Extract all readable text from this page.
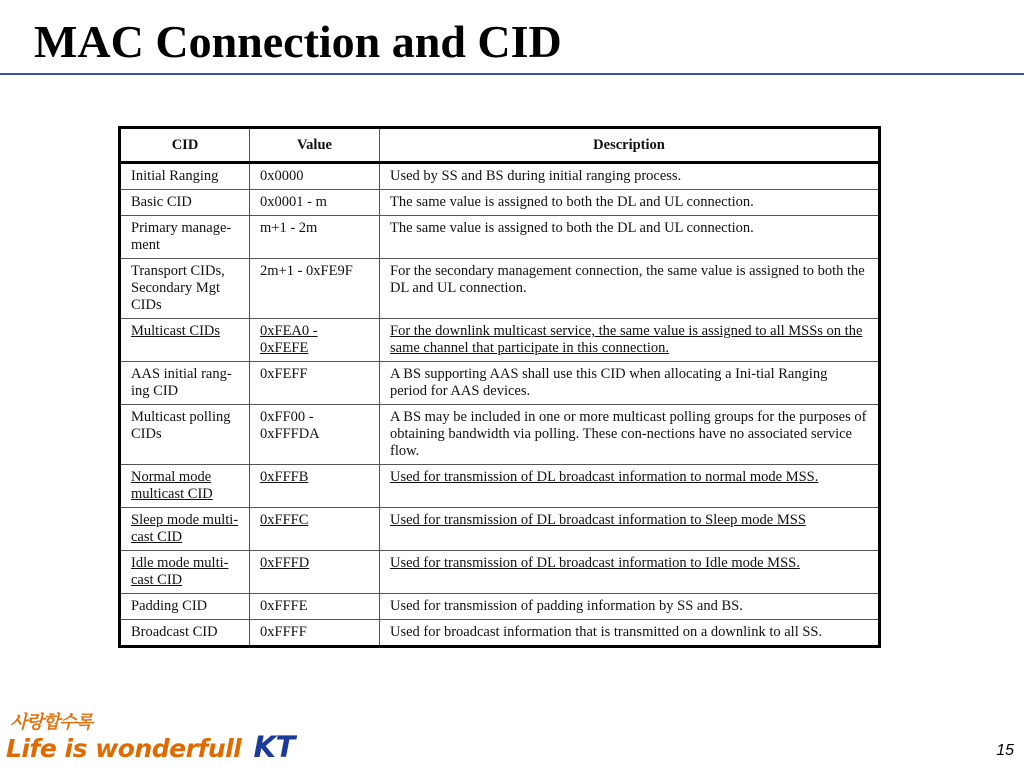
MAC Connection and CID
CID	Value	Description
Initial Ranging	0x0000	Used by SS and BS during initial ranging process.
Basic CID	0x0001 - m	The same value is assigned to both the DL and UL connection.
Primary manage-ment	m+1 - 2m	The same value is assigned to both the DL and UL connection.
Transport CIDs, Secondary Mgt CIDs	2m+1 - 0xFE9F	For the secondary management connection, the same value is assigned to both the DL and UL connection.
Multicast CIDs	0xFEA0 - 0xFEFE	For the downlink multicast service, the same value is assigned to all MSSs on the same channel that participate in this connection.
AAS initial rang-ing CID	0xFEFF	A BS supporting AAS shall use this CID when allocating a Ini-tial Ranging period for AAS devices.
Multicast polling CIDs	0xFF00 - 0xFFFDA	A BS may be included in one or more multicast polling groups for the purposes of obtaining bandwidth via polling. These con-nections have no associated service flow.
Normal mode multicast CID	0xFFFB	Used for transmission of DL broadcast information to normal mode MSS.
Sleep mode multi-cast CID	0xFFFC	Used for transmission of DL broadcast information to Sleep mode MSS
Idle mode multi-cast CID	0xFFFD	Used for transmission of DL broadcast information to Idle mode MSS.
Padding CID	0xFFFE	Used for transmission of padding information by SS and BS.
Broadcast CID	0xFFFF	Used for broadcast information that is transmitted on a downlink to all SS.
사랑합수록
Life is wonderfull KT	15
